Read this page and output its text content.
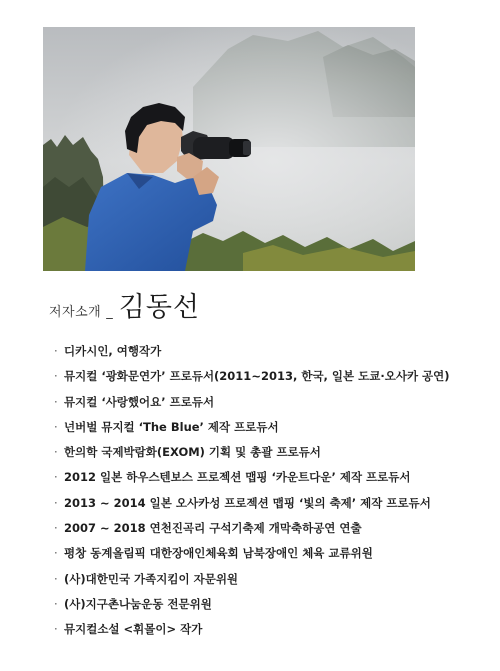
저자소개 _ 김동선
· 디카시인, 여행작가
· 뮤지컬 ‘광화문연가’ 프로듀서(2011~2013, 한국, 일본 도쿄·오사카 공연)
· 뮤지컬 ‘사랑했어요’ 프로듀서
· 넌버벌 뮤지컬 ‘The Blue’ 제작 프로듀서
· 한의학 국제박람화(EXOM) 기획 및 총괄 프로듀서
· 2012 일본 하우스텐보스 프로젝션 맵핑 ‘카운트다운’ 제작 프로듀서
· 2013 ~ 2014 일본 오사카성 프로젝션 맵핑 ‘빛의 축제’ 제작 프로듀서
· 2007 ~ 2018 연천진곡리 구석기축제 개막축하공연 연출
· 평창 동계올림픽 대한장애인체육회 남북장애인 체육 교류위원
· (사)대한민국 가족지킴이 자문위원
· (사)지구촌나눔운동 전문위원
· 뮤지컬소설 <휘몰이> 작가
